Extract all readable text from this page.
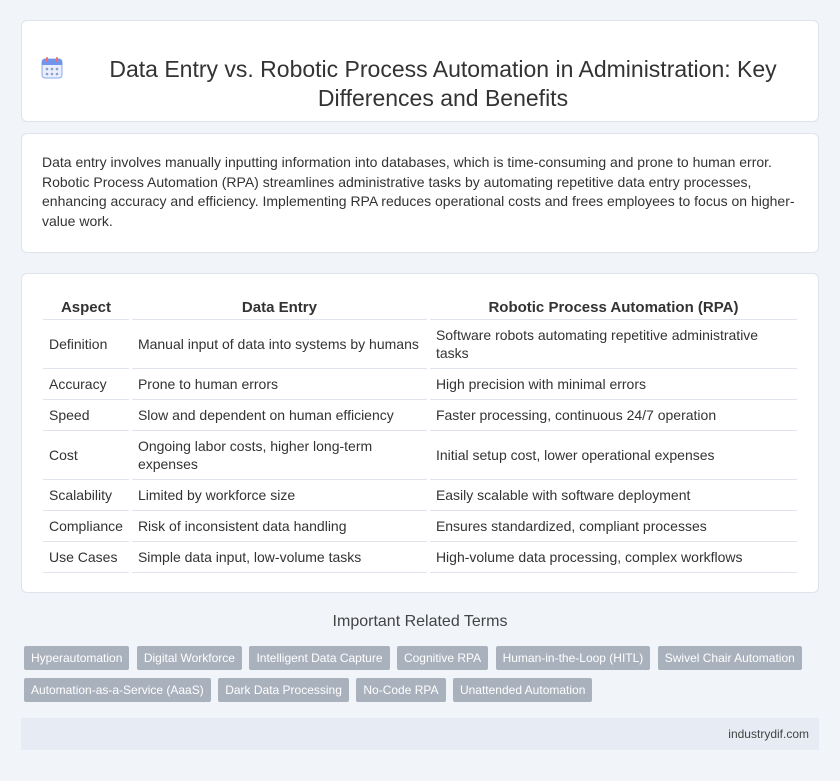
Data Entry vs. Robotic Process Automation in Administration: Key Differences and Benefits

Data entry involves manually inputting information into databases, which is time-consuming and prone to human error. Robotic Process Automation (RPA) streamlines administrative tasks by automating repetitive data entry processes, enhancing accuracy and efficiency. Implementing RPA reduces operational costs and frees employees to focus on higher-value work.

Aspect	Data Entry	Robotic Process Automation (RPA)
Definition	Manual input of data into systems by humans	Software robots automating repetitive administrative tasks
Accuracy	Prone to human errors	High precision with minimal errors
Speed	Slow and dependent on human efficiency	Faster processing, continuous 24/7 operation
Cost	Ongoing labor costs, higher long-term expenses	Initial setup cost, lower operational expenses
Scalability	Limited by workforce size	Easily scalable with software deployment
Compliance	Risk of inconsistent data handling	Ensures standardized, compliant processes
Use Cases	Simple data input, low-volume tasks	High-volume data processing, complex workflows
Important Related Terms
Hyperautomation Digital Workforce Intelligent Data Capture Cognitive RPA Human-in-the-Loop (HITL) Swivel Chair Automation Automation-as-a-Service (AaaS) Dark Data Processing No-Code RPA Unattended Automation
industrydif.com
